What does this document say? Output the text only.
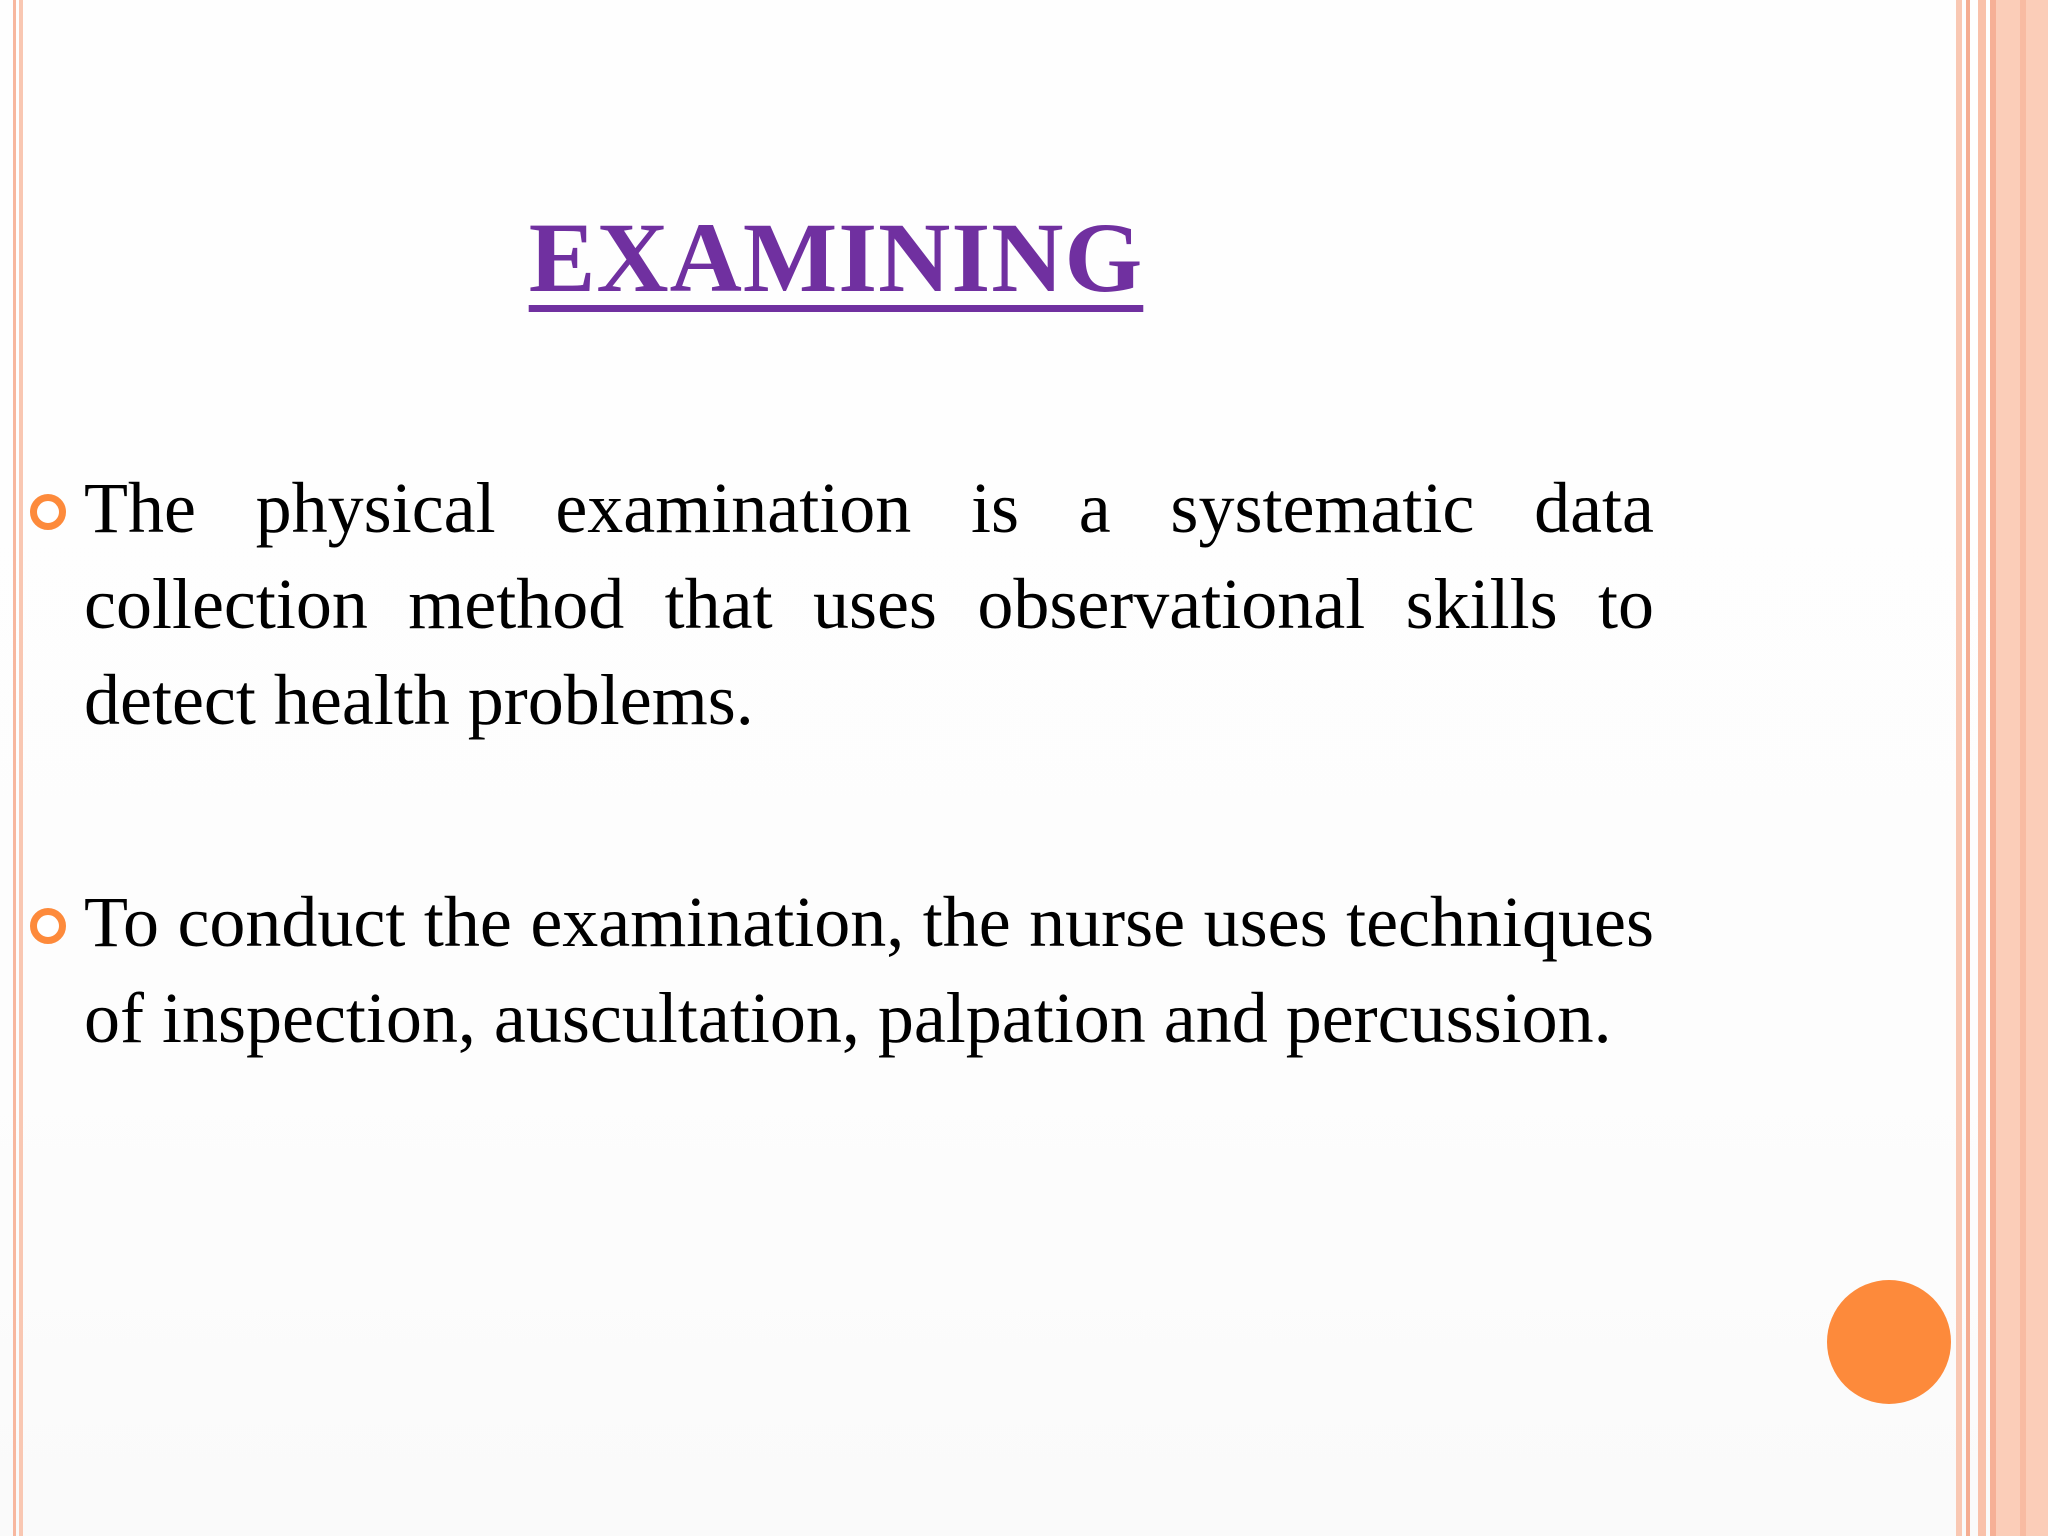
EXAMINING
The physical examination is a systematic data collection method that uses observational skills to detect health problems.
To conduct the examination, the nurse uses techniques of inspection, auscultation, palpation and percussion.
